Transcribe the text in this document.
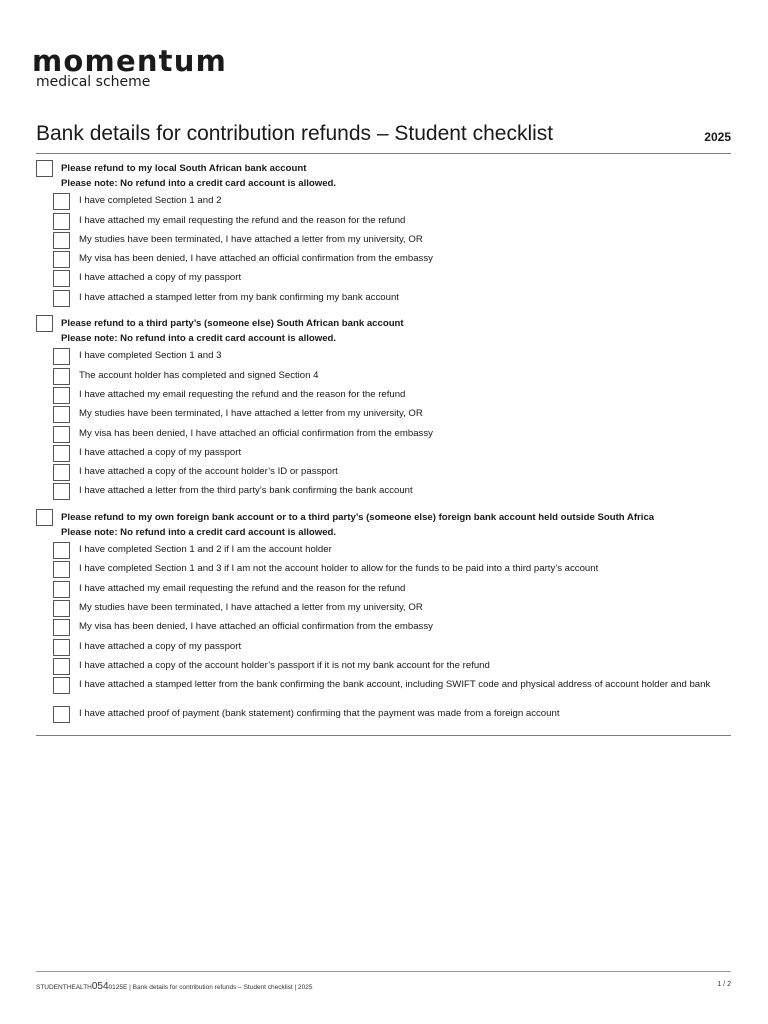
momentum
medical scheme
Bank details for contribution refunds – Student checklist	2025
Please refund to my local South African bank account
Please note: No refund into a credit card account is allowed.
I have completed Section 1 and 2
I have attached my email requesting the refund and the reason for the refund
My studies have been terminated, I have attached a letter from my university, OR
My visa has been denied, I have attached an official confirmation from the embassy
I have attached a copy of my passport
I have attached a stamped letter from my bank confirming my bank account
Please refund to a third party’s (someone else) South African bank account
Please note: No refund into a credit card account is allowed.
I have completed Section 1 and 3
The account holder has completed and signed Section 4
I have attached my email requesting the refund and the reason for the refund
My studies have been terminated, I have attached a letter from my university, OR
My visa has been denied, I have attached an official confirmation from the embassy
I have attached a copy of my passport
I have attached a copy of the account holder’s ID or passport
I have attached a letter from the third party’s bank confirming the bank account
Please refund to my own foreign bank account or to a third party’s (someone else) foreign bank account held outside South Africa
Please note: No refund into a credit card account is allowed.
I have completed Section 1 and 2 if I am the account holder
I have completed Section 1 and 3 if I am not the account holder to allow for the funds to be paid into a third party’s account
I have attached my email requesting the refund and the reason for the refund
My studies have been terminated, I have attached a letter from my university, OR
My visa has been denied, I have attached an official confirmation from the embassy
I have attached a copy of my passport
I have attached a copy of the account holder’s passport if it is not my bank account for the refund
I have attached a stamped letter from the bank confirming the bank account, including SWIFT code and physical address of account holder and bank
I have attached proof of payment (bank statement) confirming that the payment was made from a foreign account
STUDENTHEALTH0540125E | Bank details for contribution refunds – Student checklist | 2025	1 / 2
